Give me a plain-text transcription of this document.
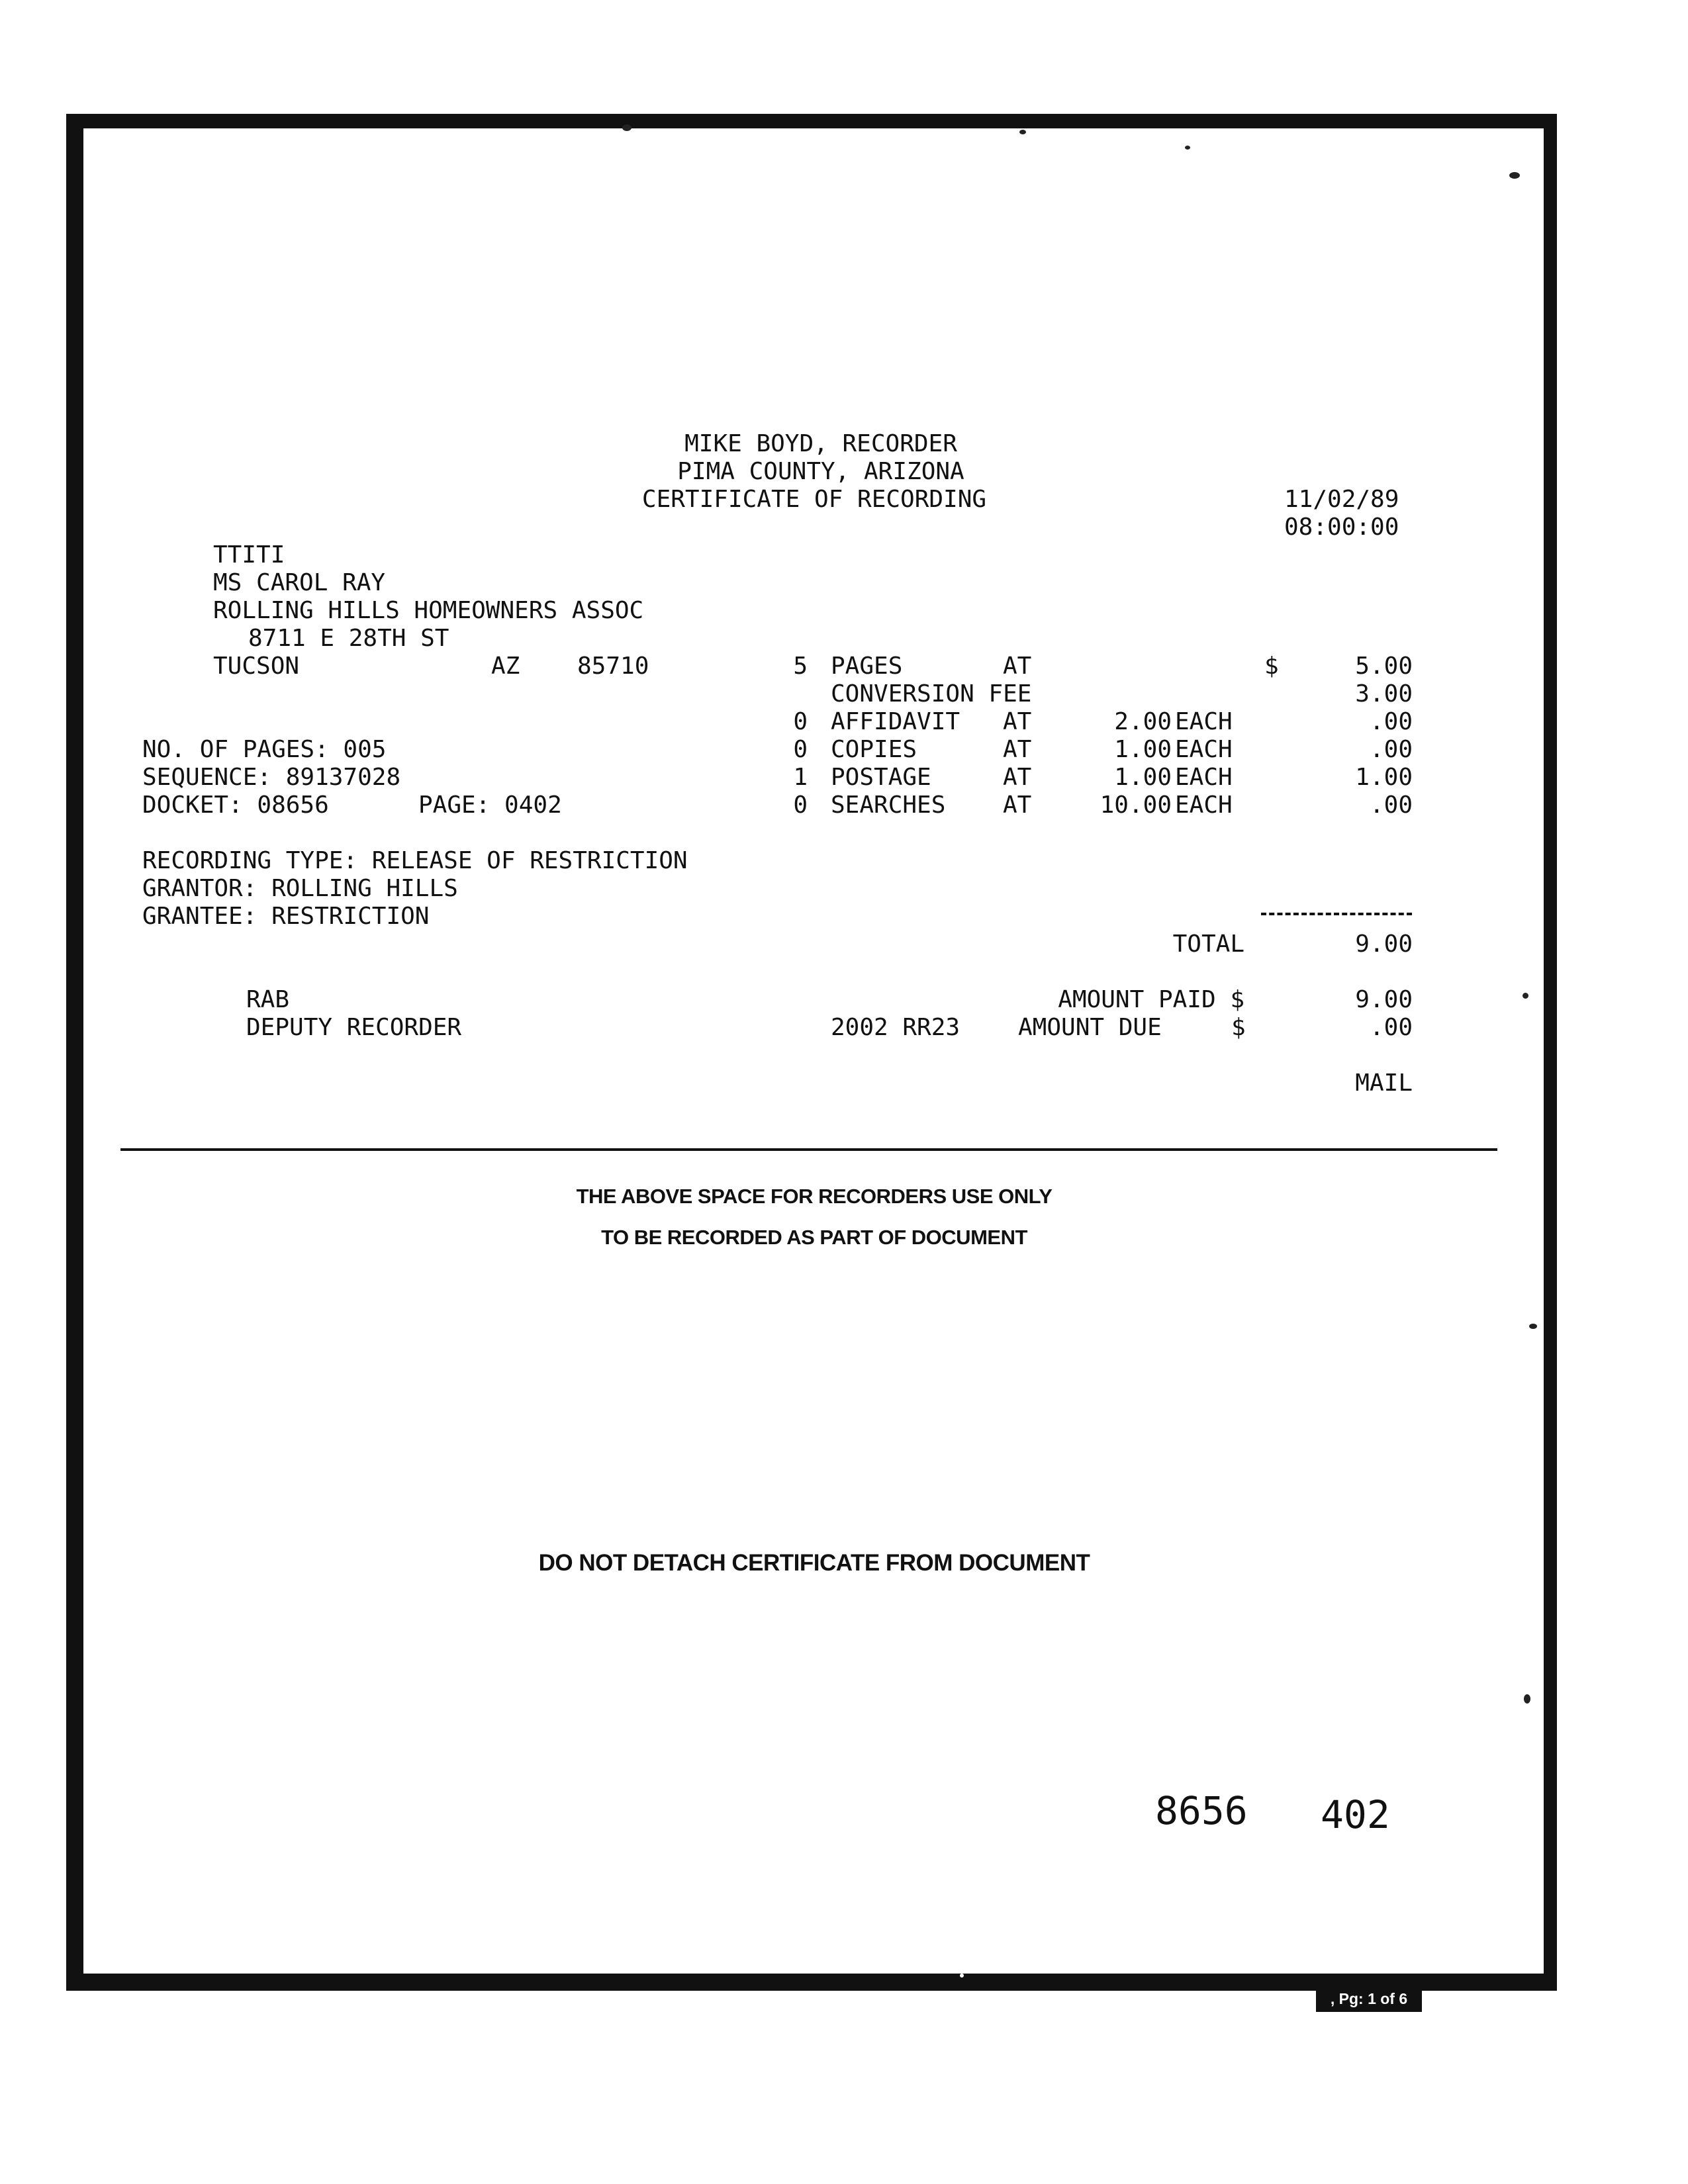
MIKE BOYD, RECORDER
PIMA COUNTY, ARIZONA
CERTIFICATE OF RECORDING	11/02/89
08:00:00
TTITI
MS CAROL RAY
ROLLING HILLS HOMEOWNERS ASSOC
8711 E 28TH ST
TUCSON	AZ 85710	5 PAGES	AT	$	5.00
CONVERSION FEE	3.00
0 AFFIDAVIT AT	2.00 EACH	.00
0 COPIES	AT	1.00 EACH	.00
1 POSTAGE	AT	1.00 EACH	1.00
0 SEARCHES AT	10.00 EACH	.00
NO. OF PAGES: 005
SEQUENCE: 89137028
DOCKET: 08656	PAGE: 0402
RECORDING TYPE: RELEASE OF RESTRICTION
GRANTOR: ROLLING HILLS
GRANTEE: RESTRICTION
TOTAL	9.00
RAB
DEPUTY RECORDER
AMOUNT PAID $	9.00
2002 RR23 AMOUNT DUE	$	.00
MAIL
THE ABOVE SPACE FOR RECORDERS USE ONLY
TO BE RECORDED AS PART OF DOCUMENT
DO NOT DETACH CERTIFICATE FROM DOCUMENT
8656 402
, Pg: 1 of 6
